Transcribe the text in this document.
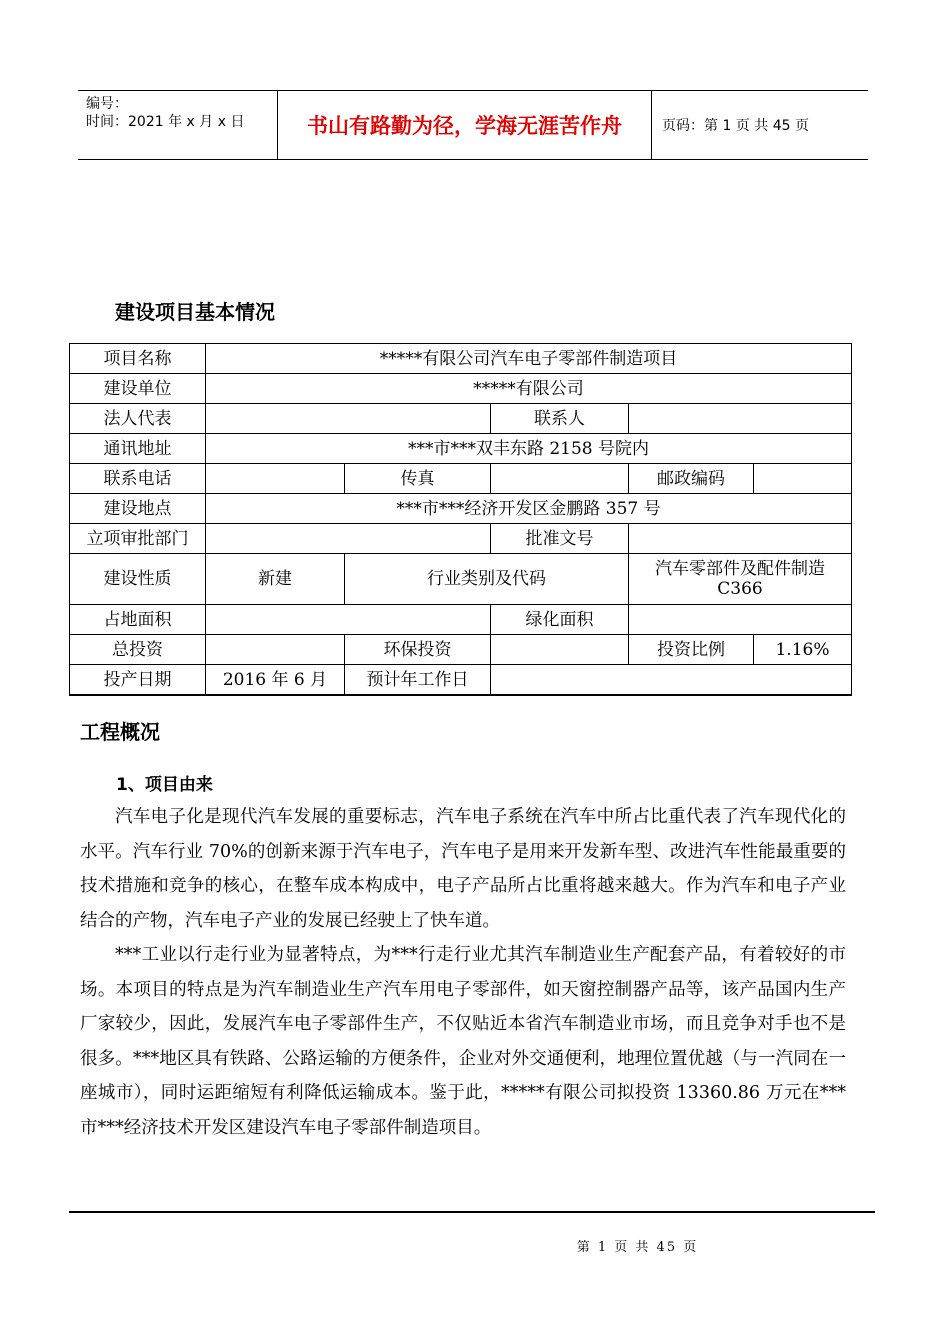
编号：
时间：2021 年 x 月 x 日	书山有路勤为径，学海无涯苦作舟	页码：第 1 页 共 45 页
建设项目基本情况
项目名称	*****有限公司汽车电子零部件制造项目				
建设单位	*****有限公司				
法人代表			联系人		
通讯地址	***市***双丰东路 2158 号院内				
联系电话		传真		邮政编码	
建设地点	***市***经济开发区金鹏路 357 号				
立项审批部门			批准文号		
建设性质	新建	行业类别及代码		汽车零部件及配件制造
C366	

占地面积			绿化面积		
总投资		环保投资		投资比例	1.16%
投产日期	2016 年 6 月	预计年工作日			
工程概况
1、项目由来

汽车电子化是现代汽车发展的重要标志，汽车电子系统在汽车中所占比重代表了汽车现代化的水平。汽车行业 70%的创新来源于汽车电子，汽车电子是用来开发新车型、改进汽车性能最重要的技术措施和竞争的核心，在整车成本构成中，电子产品所占比重将越来越大。作为汽车和电子产业结合的产物，汽车电子产业的发展已经驶上了快车道。

***工业以行走行业为显著特点，为***行走行业尤其汽车制造业生产配套产品，有着较好的市场。本项目的特点是为汽车制造业生产汽车用电子零部件，如天窗控制器产品等，该产品国内生产厂家较少，因此，发展汽车电子零部件生产，不仅贴近本省汽车制造业市场，而且竞争对手也不是很多。***地区具有铁路、公路运输的方便条件，企业对外交通便利，地理位置优越（与一汽同在一座城市），同时运距缩短有利降低运输成本。鉴于此，*****有限公司拟投资 13360.86 万元在***市***经济技术开发区建设汽车电子零部件制造项目。

第 1 页 共 45 页
